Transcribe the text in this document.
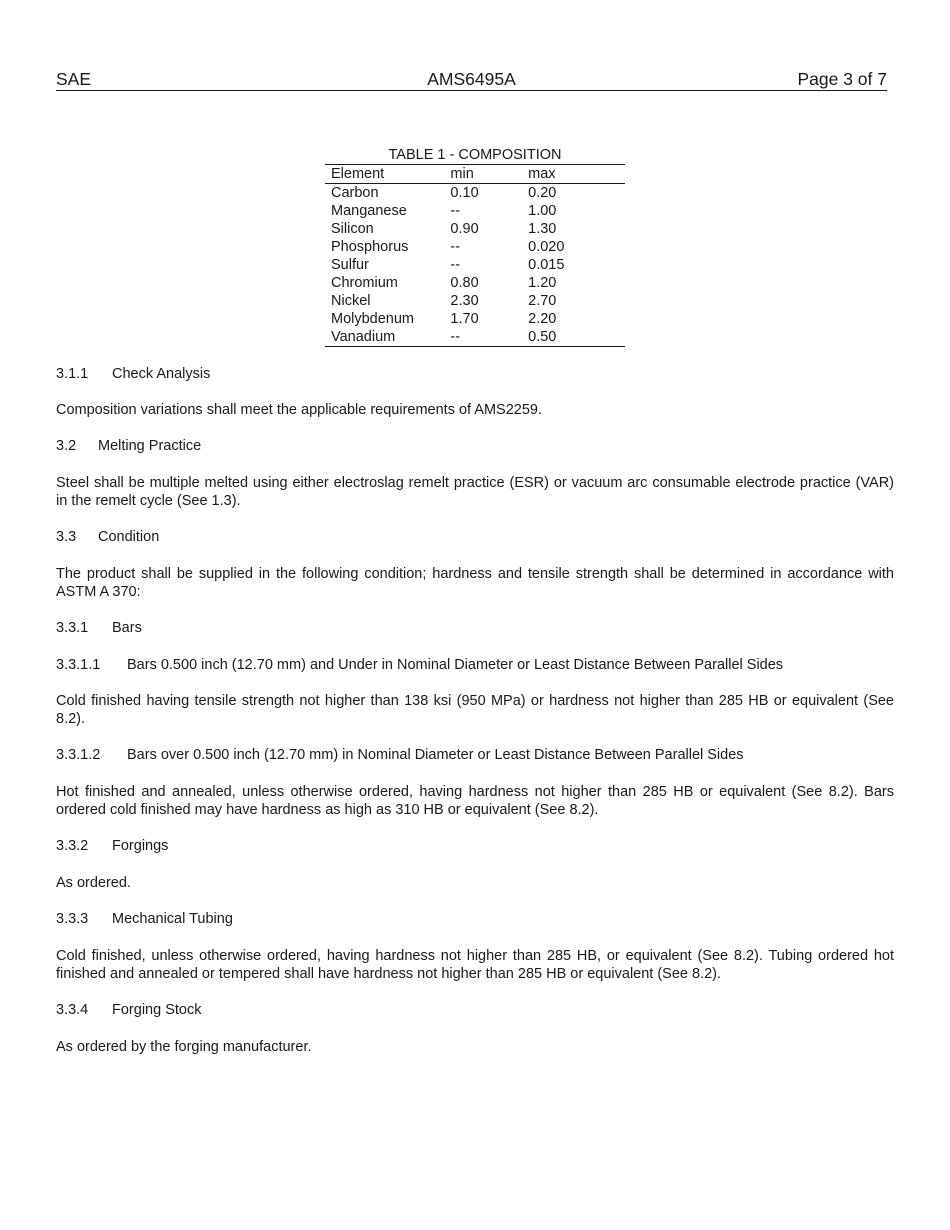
SAE	AMS6495A	Page 3 of 7
TABLE 1 - COMPOSITION
Element	min	max
Carbon	0.10	0.20
Manganese	--	1.00
Silicon	0.90	1.30
Phosphorus	--	0.020
Sulfur	--	0.015
Chromium	0.80	1.20
Nickel	2.30	2.70
Molybdenum	1.70	2.20
Vanadium	--	0.50

3.1.1 Check Analysis

Composition variations shall meet the applicable requirements of AMS2259.

3.2 Melting Practice

Steel shall be multiple melted using either electroslag remelt practice (ESR) or vacuum arc consumable electrode practice (VAR) in the remelt cycle (See 1.3).

3.3 Condition

The product shall be supplied in the following condition; hardness and tensile strength shall be determined in accordance with ASTM A 370:

3.3.1 Bars

3.3.1.1 Bars 0.500 inch (12.70 mm) and Under in Nominal Diameter or Least Distance Between Parallel Sides

Cold finished having tensile strength not higher than 138 ksi (950 MPa) or hardness not higher than 285 HB or equivalent (See 8.2).

3.3.1.2 Bars over 0.500 inch (12.70 mm) in Nominal Diameter or Least Distance Between Parallel Sides

Hot finished and annealed, unless otherwise ordered, having hardness not higher than 285 HB or equivalent (See 8.2). Bars ordered cold finished may have hardness as high as 310 HB or equivalent (See 8.2).

3.3.2 Forgings

As ordered.

3.3.3 Mechanical Tubing

Cold finished, unless otherwise ordered, having hardness not higher than 285 HB, or equivalent (See 8.2). Tubing ordered hot finished and annealed or tempered shall have hardness not higher than 285 HB or equivalent (See 8.2).

3.3.4 Forging Stock

As ordered by the forging manufacturer.
